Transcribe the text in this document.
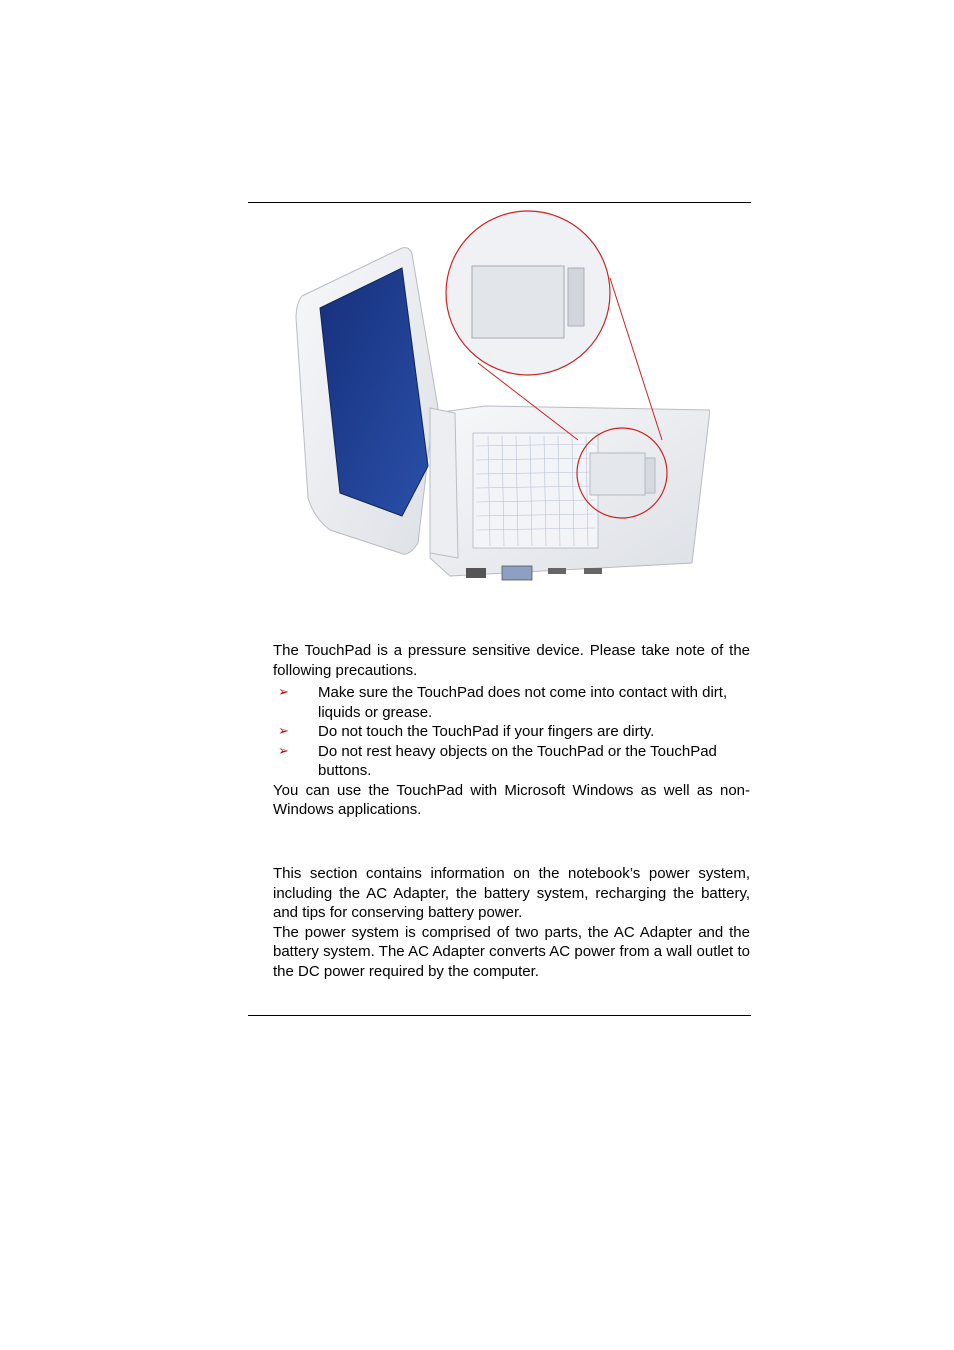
The TouchPad is a pressure sensitive device. Please take note of the following precautions.

➢ Make sure the TouchPad does not come into contact with dirt, liquids or grease.
➢ Do not touch the TouchPad if your fingers are dirty.
➢ Do not rest heavy objects on the TouchPad or the TouchPad buttons.

You can use the TouchPad with Microsoft Windows as well as non-Windows applications.

This section contains information on the notebook’s power system, including the AC Adapter, the battery system, recharging the battery, and tips for conserving battery power.

The power system is comprised of two parts, the AC Adapter and the battery system. The AC Adapter converts AC power from a wall outlet to the DC power required by the computer.
